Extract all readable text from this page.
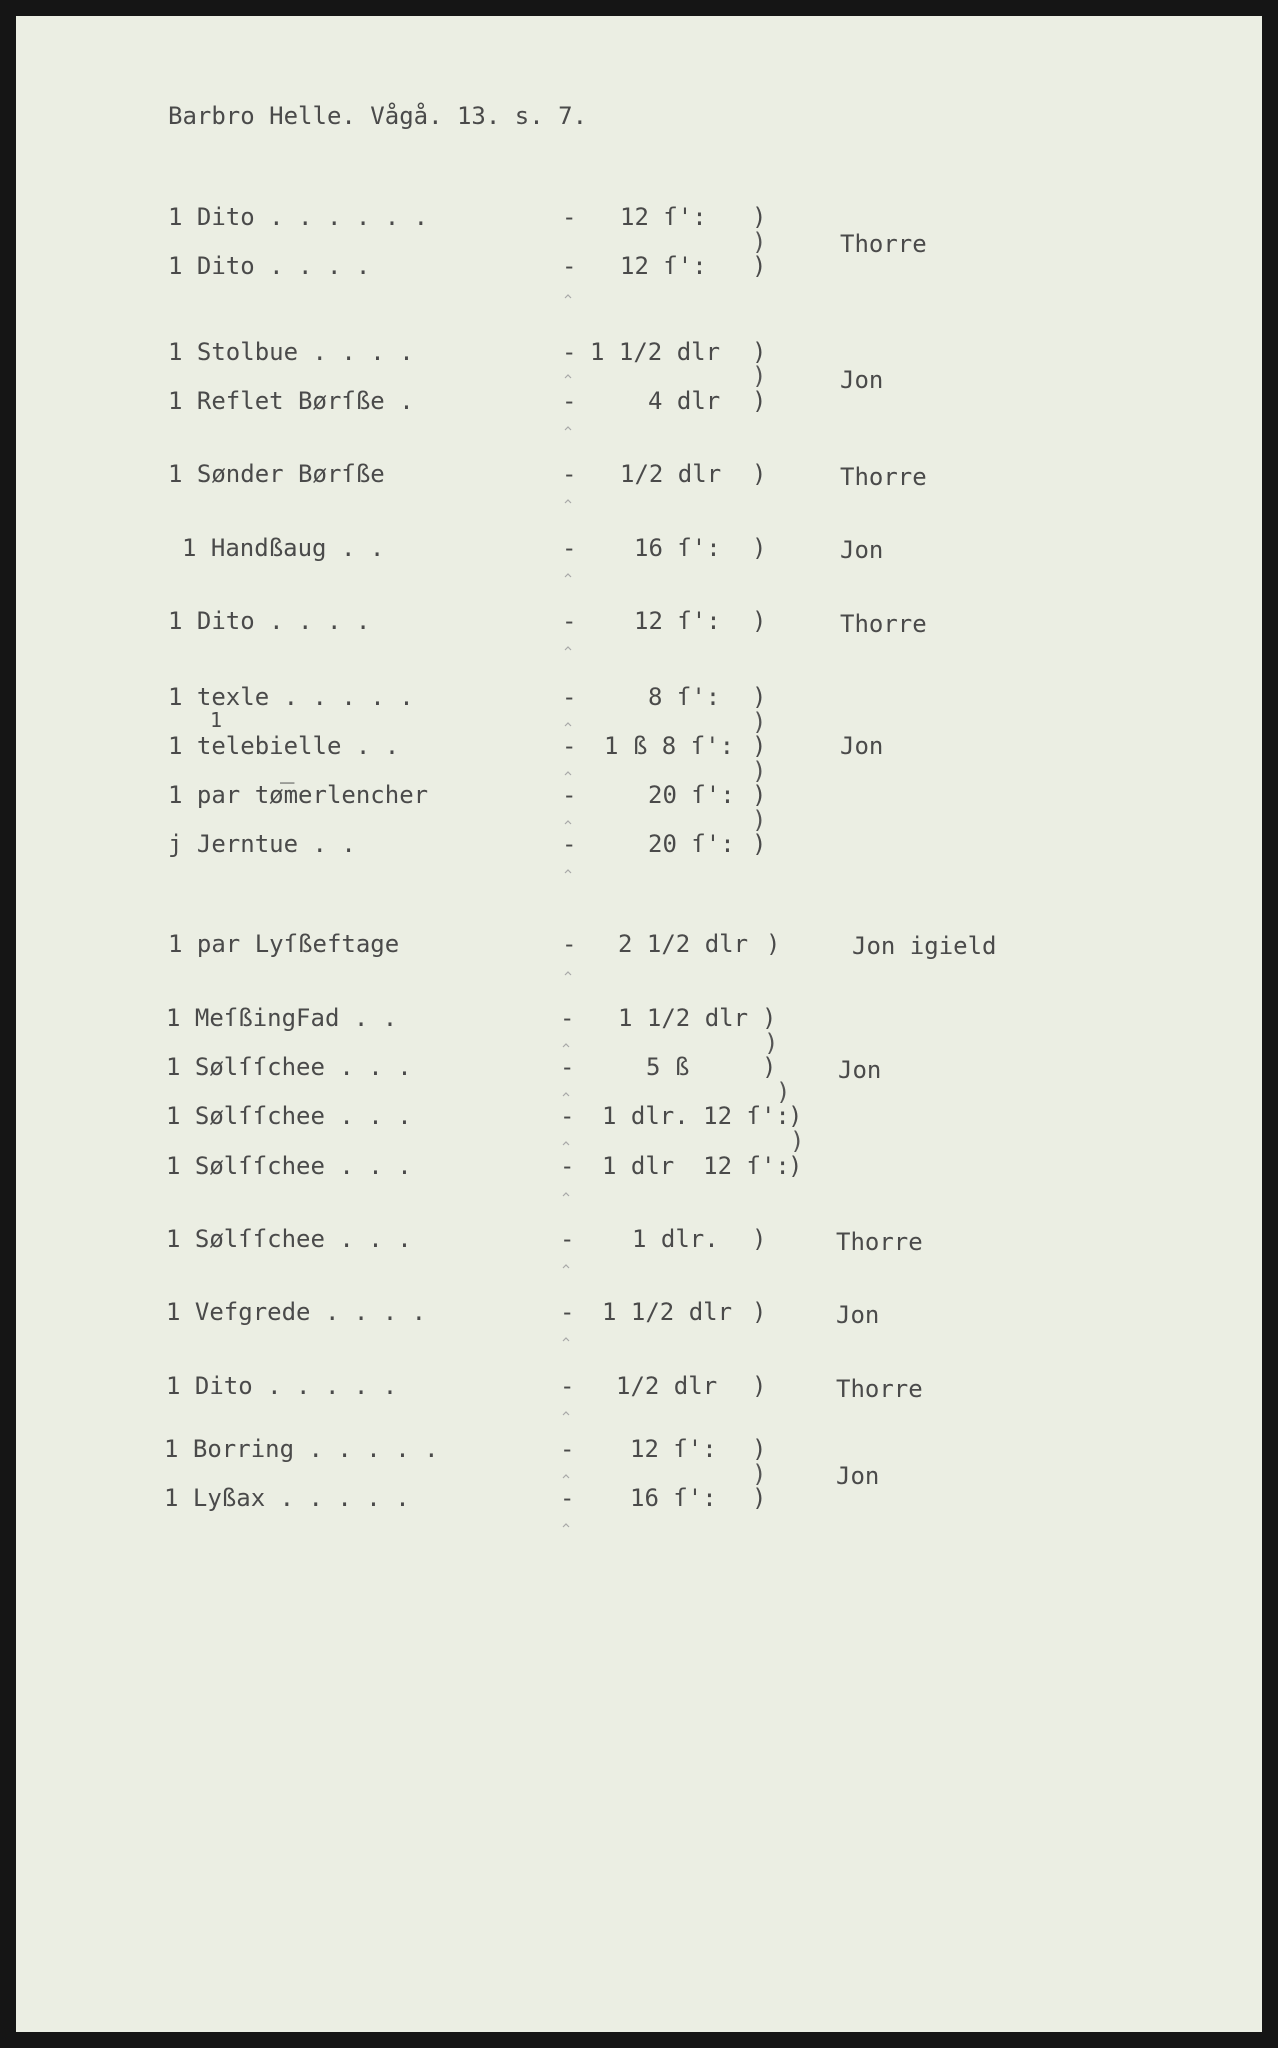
Barbro Helle. Vågå. 13. s. 7.
1 Dito . . . . . .	- 12 ſ': )
)
1 Dito . . . .	- 12 ſ': )
Thorre
1 Stolbue . . . .	- 1 1/2 dlr )
)
1 Reflet Børſße .	-	4 dlr )
Jon
1 Sønder Børſße	- 1/2 dlr )	Thorre
1 Handßaug . .	- 16 ſ': )	Jon
1 Dito . . . .	- 12 ſ': )	Thorre
1 texle . . . . .	-	8 ſ': )
)
1
1 telebielle . .	- 1 ß 8 ſ': )
)
Jon
_
1 par tømerlencher	-	20 ſ': )
)
j Jerntue . .	-	20 ſ': )
1 par Lyſßeftage	- 2 1/2 dlr )	Jon igield
1 MeſßingFad . .	- 1 1/2 dlr )
)
1 Sølſſchee . . .	-	5 ß	)	Jon
)
1 Sølſſchee . . .	- 1 dlr. 12 ſ':
)
)
1 Sølſſchee . . .	- 1 dlr  12 ſ':
)
1 Sølſſchee . . .	- 1 dlr. )	Thorre
1 Vefgrede . . . .	- 1 1/2 dlr )	Jon
1 Dito . . . . .	- 1/2 dlr )	Thorre
1 Borring . . . . .	- 12 ſ': )
)
1 Lyßax . . . . .	- 16 ſ': )
Jon
